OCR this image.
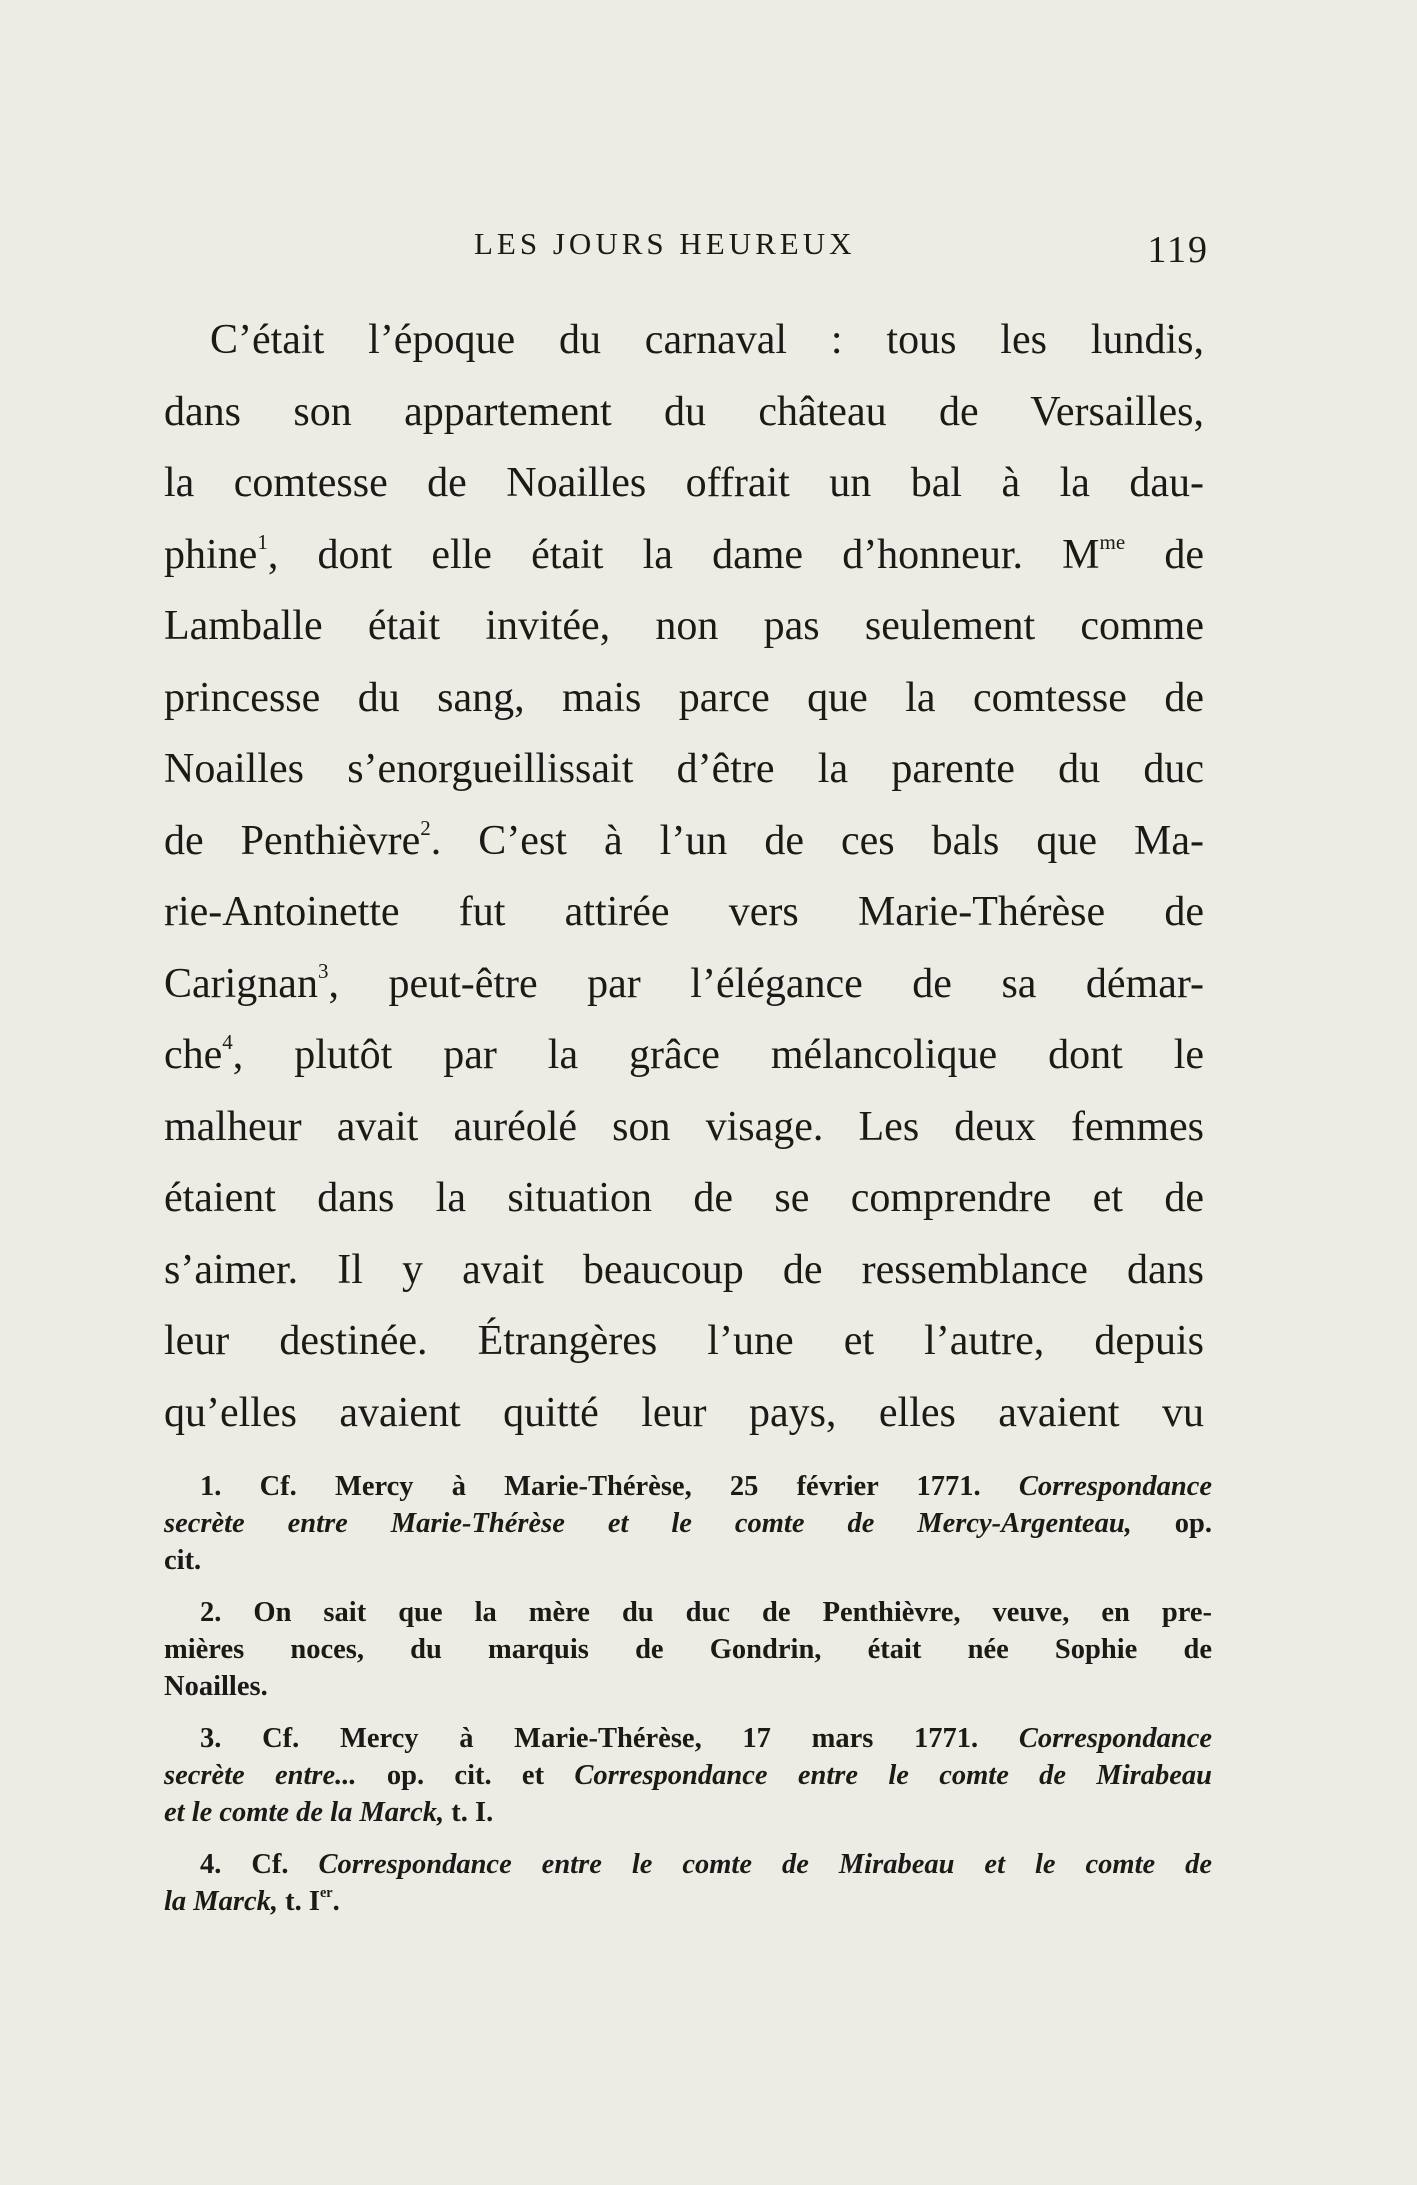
LES JOURS HEUREUX	119
C’était l’époque du carnaval : tous les lundis,
dans son appartement du château de Versailles,
la comtesse de Noailles offrait un bal à la dau-
phine$^1$, dont elle était la dame d’honneur. $M^{me}$ de
Lamballe était invitée, non pas seulement comme
princesse du sang, mais parce que la comtesse de
Noailles s’enorgueillissait d’être la parente du duc
de Penthièvre$^2$. C’est à l’un de ces bals que Ma-
rie-Antoinette fut attirée vers Marie-Thérèse de
Carignan$^3$, peut-être par l’élégance de sa démar-
che$^4$, plutôt par la grâce mélancolique dont le
malheur avait auréolé son visage. Les deux femmes
étaient dans la situation de se comprendre et de
s’aimer. Il y avait beaucoup de ressemblance dans
leur destinée. Étrangères l’une et l’autre, depuis
qu’elles avaient quitté leur pays, elles avaient vu
1. Cf. Mercy à Marie-Thérèse, 25 février 1771. Correspondance
secrète entre Marie-Thérèse et le comte de Mercy-Argenteau, op.
cit.
2. On sait que la mère du duc de Penthièvre, veuve, en pre-
mières noces, du marquis de Gondrin, était née Sophie de
Noailles.
3. Cf. Mercy à Marie-Thérèse, 17 mars 1771. Correspondance
secrète entre... op. cit. et Correspondance entre le comte de Mirabeau
et le comte de la Marck, t. I.
4. Cf. Correspondance entre le comte de Mirabeau et le comte de
la Marck, t. Ier.
